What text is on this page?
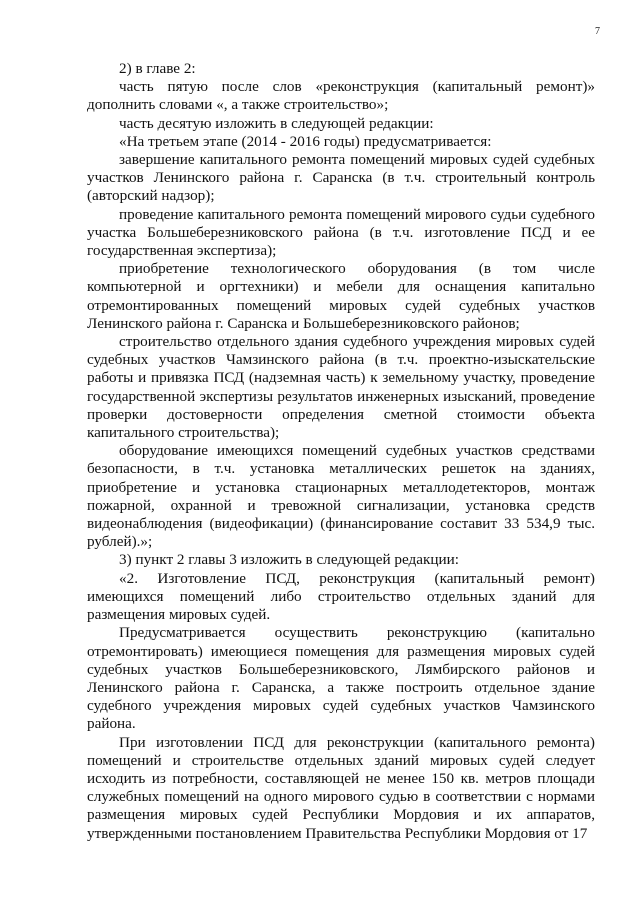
7

2) в главе 2:

часть пятую после слов «реконструкция (капитальный ремонт)» дополнить словами «, а также строительство»;

часть десятую изложить в следующей редакции:

«На третьем этапе (2014 - 2016 годы) предусматривается:

завершение капитального ремонта помещений мировых судей судебных участков Ленинского района г. Саранска (в т.ч. строительный контроль (авторский надзор);

проведение капитального ремонта помещений мирового судьи судебного участка Большеберезниковского района (в т.ч. изготовление ПСД и ее государственная экспертиза);

приобретение технологического оборудования (в том числе компьютерной и оргтехники) и мебели для оснащения капитально отремонтированных помещений мировых судей судебных участков Ленинского района г. Саранска и Большеберезниковского районов;

строительство отдельного здания судебного учреждения мировых судей судебных участков Чамзинского района (в т.ч. проектно-изыскательские работы и привязка ПСД (надземная часть) к земельному участку, проведение государственной экспертизы результатов инженерных изысканий, проведение проверки достоверности определения сметной стоимости объекта капитального строительства);

оборудование имеющихся помещений судебных участков средствами безопасности, в т.ч. установка металлических решеток на зданиях, приобретение и установка стационарных металлодетекторов, монтаж пожарной, охранной и тревожной сигнализации, установка средств видеонаблюдения (видеофикации) (финансирование составит 33 534,9 тыс. рублей).»;

3) пункт 2 главы 3 изложить в следующей редакции:

«2. Изготовление ПСД, реконструкция (капитальный ремонт) имеющихся помещений либо строительство отдельных зданий для размещения мировых судей.

Предусматривается осуществить реконструкцию (капитально отремонтировать) имеющиеся помещения для размещения мировых судей судебных участков Большеберезниковского, Лямбирского районов и Ленинского района г. Саранска, а также построить отдельное здание судебного учреждения мировых судей судебных участков Чамзинского района.

При изготовлении ПСД для реконструкции (капитального ремонта) помещений и строительстве отдельных зданий мировых судей следует исходить из потребности, составляющей не менее 150 кв. метров площади служебных помещений на одного мирового судью в соответствии с нормами размещения мировых судей Республики Мордовия и их аппаратов, утвержденными постановлением Правительства Республики Мордовия от 17
